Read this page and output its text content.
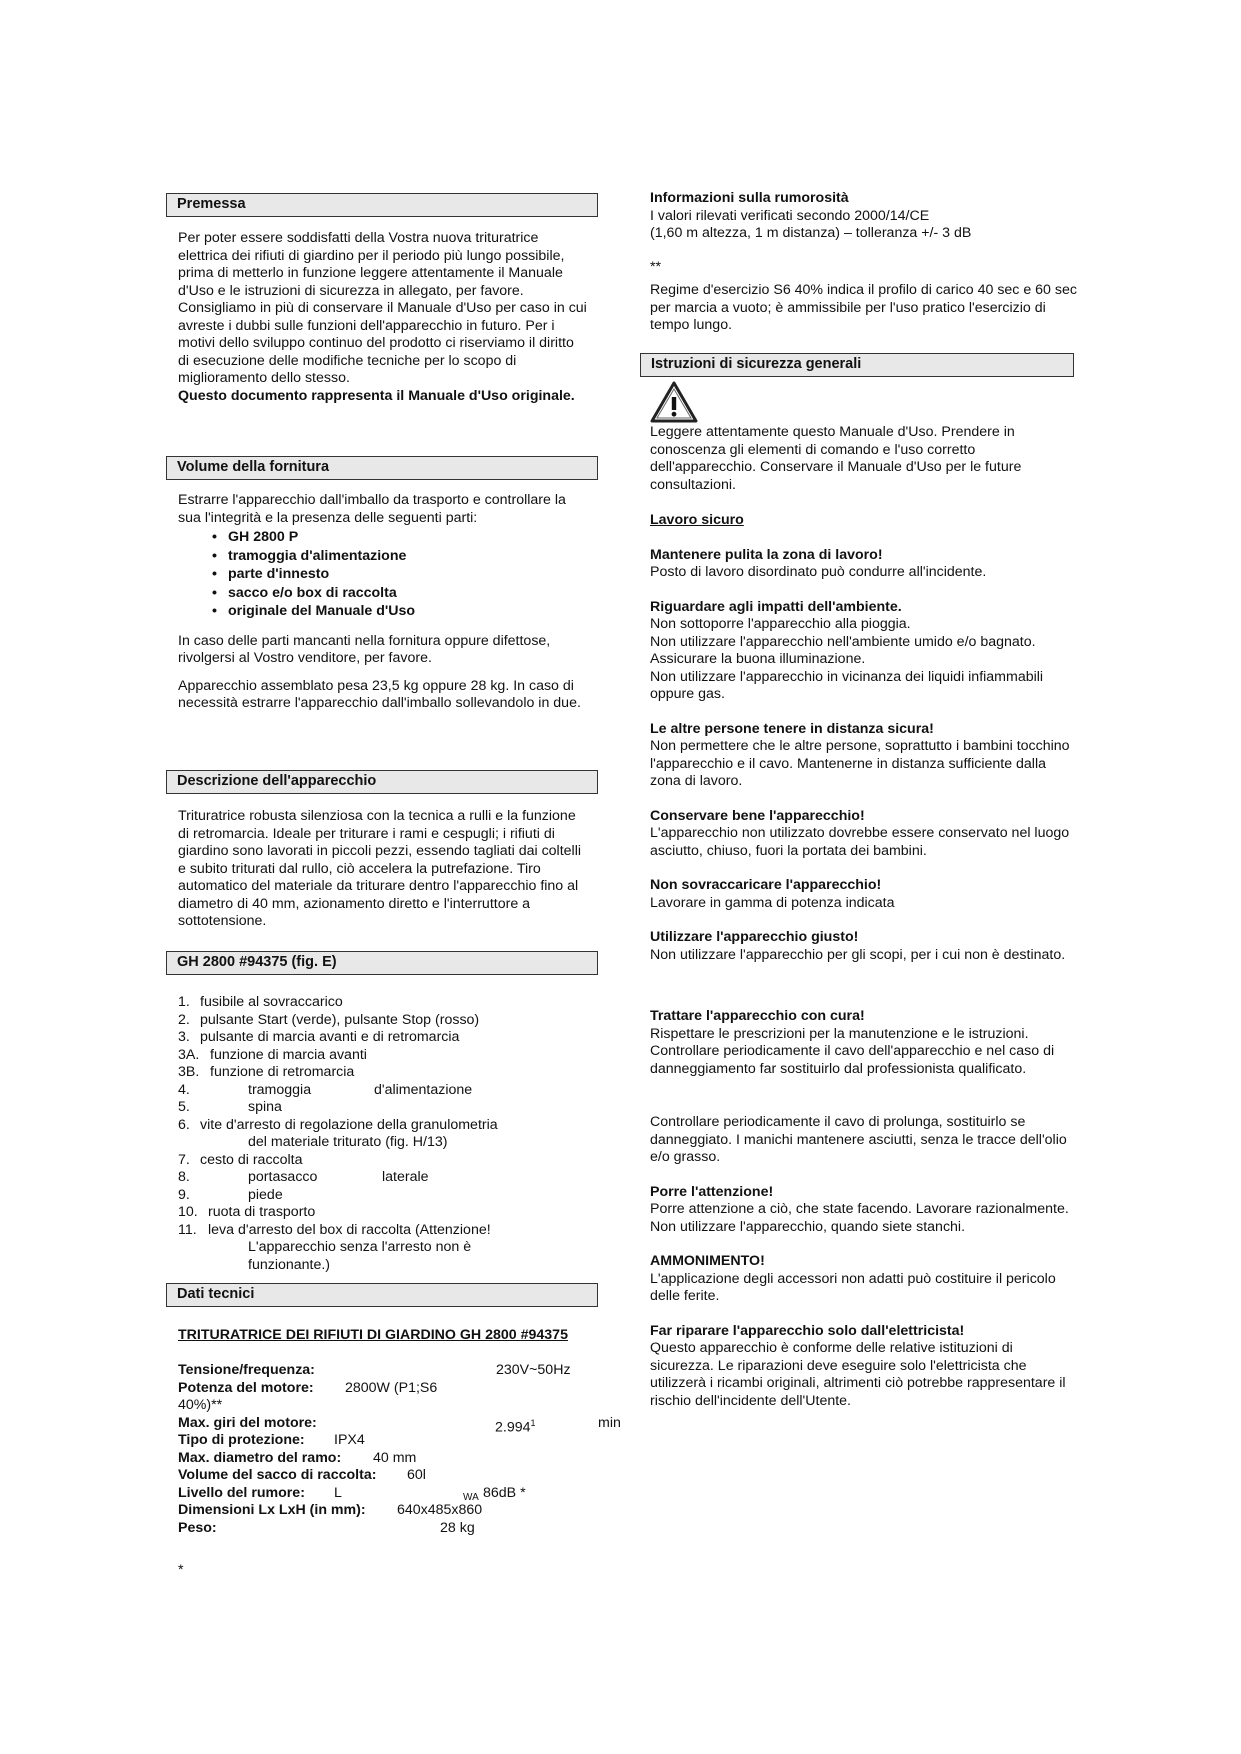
Premessa
Per poter essere soddisfatti della Vostra nuova trituratrice elettrica dei rifiuti di giardino per il periodo più lungo possibile, prima di metterlo in funzione leggere attentamente il Manuale d'Uso e le istruzioni di sicurezza in allegato, per favore. Consigliamo in più di conservare il Manuale d'Uso per caso in cui avreste i dubbi sulle funzioni dell'apparecchio in futuro. Per i motivi dello sviluppo continuo del prodotto ci riserviamo il diritto di esecuzione delle modifiche tecniche per lo scopo di miglioramento dello stesso.
Questo documento rappresenta il Manuale d'Uso originale.
Volume della fornitura
Estrarre l'apparecchio dall'imballo da trasporto e controllare la sua l'integrità e la presenza delle seguenti parti:
• GH 2800 P
• tramoggia d'alimentazione
• parte d'innesto
• sacco e/o box di raccolta
• originale del Manuale d'Uso
In caso delle parti mancanti nella fornitura oppure difettose, rivolgersi al Vostro venditore, per favore.
Apparecchio assemblato pesa 23,5 kg oppure 28 kg. In caso di necessità estrarre l'apparecchio dall'imballo sollevandolo in due.
Descrizione dell'apparecchio
Trituratrice robusta silenziosa con la tecnica a rulli e la funzione di retromarcia. Ideale per triturare i rami e cespugli; i rifiuti di giardino sono lavorati in piccoli pezzi, essendo tagliati dai coltelli e subito triturati dal rullo, ciò accelera la putrefazione. Tiro automatico del materiale da triturare dentro l'apparecchio fino al diametro di 40 mm, azionamento diretto e l'interruttore a sottotensione.
GH 2800 #94375 (fig. E)
1. fusibile al sovraccarico
2. pulsante Start (verde), pulsante Stop (rosso)
3. pulsante di marcia avanti e di retromarcia
3A. funzione di marcia avanti
3B. funzione di retromarcia
4.	tramoggia	d'alimentazione
5.	spina
6. vite d'arresto di regolazione della granulometria
del materiale triturato (fig. H/13)
7. cesto di raccolta
8.	portasacco	laterale
9.	piede
10. ruota di trasporto
11. leva d'arresto del box di raccolta (Attenzione!
L'apparecchio senza l'arresto non è
funzionante.)
Dati tecnici
TRITURATRICE DEI RIFIUTI DI GIARDINO GH 2800 #94375
Tensione/frequenza:	230V~50Hz
Potenza del motore: 2800W (P1;S6
40%)**
Max. giri del motore:	2.994$^1$	min
Tipo di protezione: IPX4
Max. diametro del ramo: 40 mm
Volume del sacco di raccolta: 60l
Livello del rumore: L	WA 86dB *
Dimensioni Lx LxH (in mm): 640x485x860
Peso:	28 kg
*
Informazioni sulla rumorosità
I valori rilevati verificati secondo 2000/14/CE
(1,60 m altezza, 1 m distanza) – tolleranza +/- 3 dB
**
Regime d'esercizio S6 40% indica il profilo di carico 40 sec e 60 sec per marcia a vuoto; è ammissibile per l'uso pratico l'esercizio di tempo lungo.
Istruzioni di sicurezza generali
Leggere attentamente questo Manuale d'Uso. Prendere in conoscenza gli elementi di comando e l'uso corretto dell'apparecchio. Conservare il Manuale d'Uso per le future consultazioni.
Lavoro sicuro
Mantenere pulita la zona di lavoro!
Posto di lavoro disordinato può condurre all'incidente.
Riguardare agli impatti dell'ambiente.
Non sottoporre l'apparecchio alla pioggia.
Non utilizzare l'apparecchio nell'ambiente umido e/o bagnato.
Assicurare la buona illuminazione.
Non utilizzare l'apparecchio in vicinanza dei liquidi infiammabili oppure gas.
Le altre persone tenere in distanza sicura!
Non permettere che le altre persone, soprattutto i bambini tocchino l'apparecchio e il cavo. Mantenerne in distanza sufficiente dalla zona di lavoro.
Conservare bene l'apparecchio!
L'apparecchio non utilizzato dovrebbe essere conservato nel luogo asciutto, chiuso, fuori la portata dei bambini.
Non sovraccaricare l'apparecchio!
Lavorare in gamma di potenza indicata
Utilizzare l'apparecchio giusto!
Non utilizzare l'apparecchio per gli scopi, per i cui non è destinato.
Trattare l'apparecchio con cura!
Rispettare le prescrizioni per la manutenzione e le istruzioni.
Controllare periodicamente il cavo dell'apparecchio e nel caso di danneggiamento far sostituirlo dal professionista qualificato.
Controllare periodicamente il cavo di prolunga, sostituirlo se danneggiato. I manichi mantenere asciutti, senza le tracce dell'olio e/o grasso.
Porre l'attenzione!
Porre attenzione a ciò, che state facendo. Lavorare razionalmente. Non utilizzare l'apparecchio, quando siete stanchi.
AMMONIMENTO!
L'applicazione degli accessori non adatti può costituire il pericolo delle ferite.
Far riparare l'apparecchio solo dall'elettricista!
Questo apparecchio è conforme delle relative istituzioni di sicurezza. Le riparazioni deve eseguire solo l'elettricista che utilizzerà i ricambi originali, altrimenti ciò potrebbe rappresentare il rischio dell'incidente dell'Utente.
